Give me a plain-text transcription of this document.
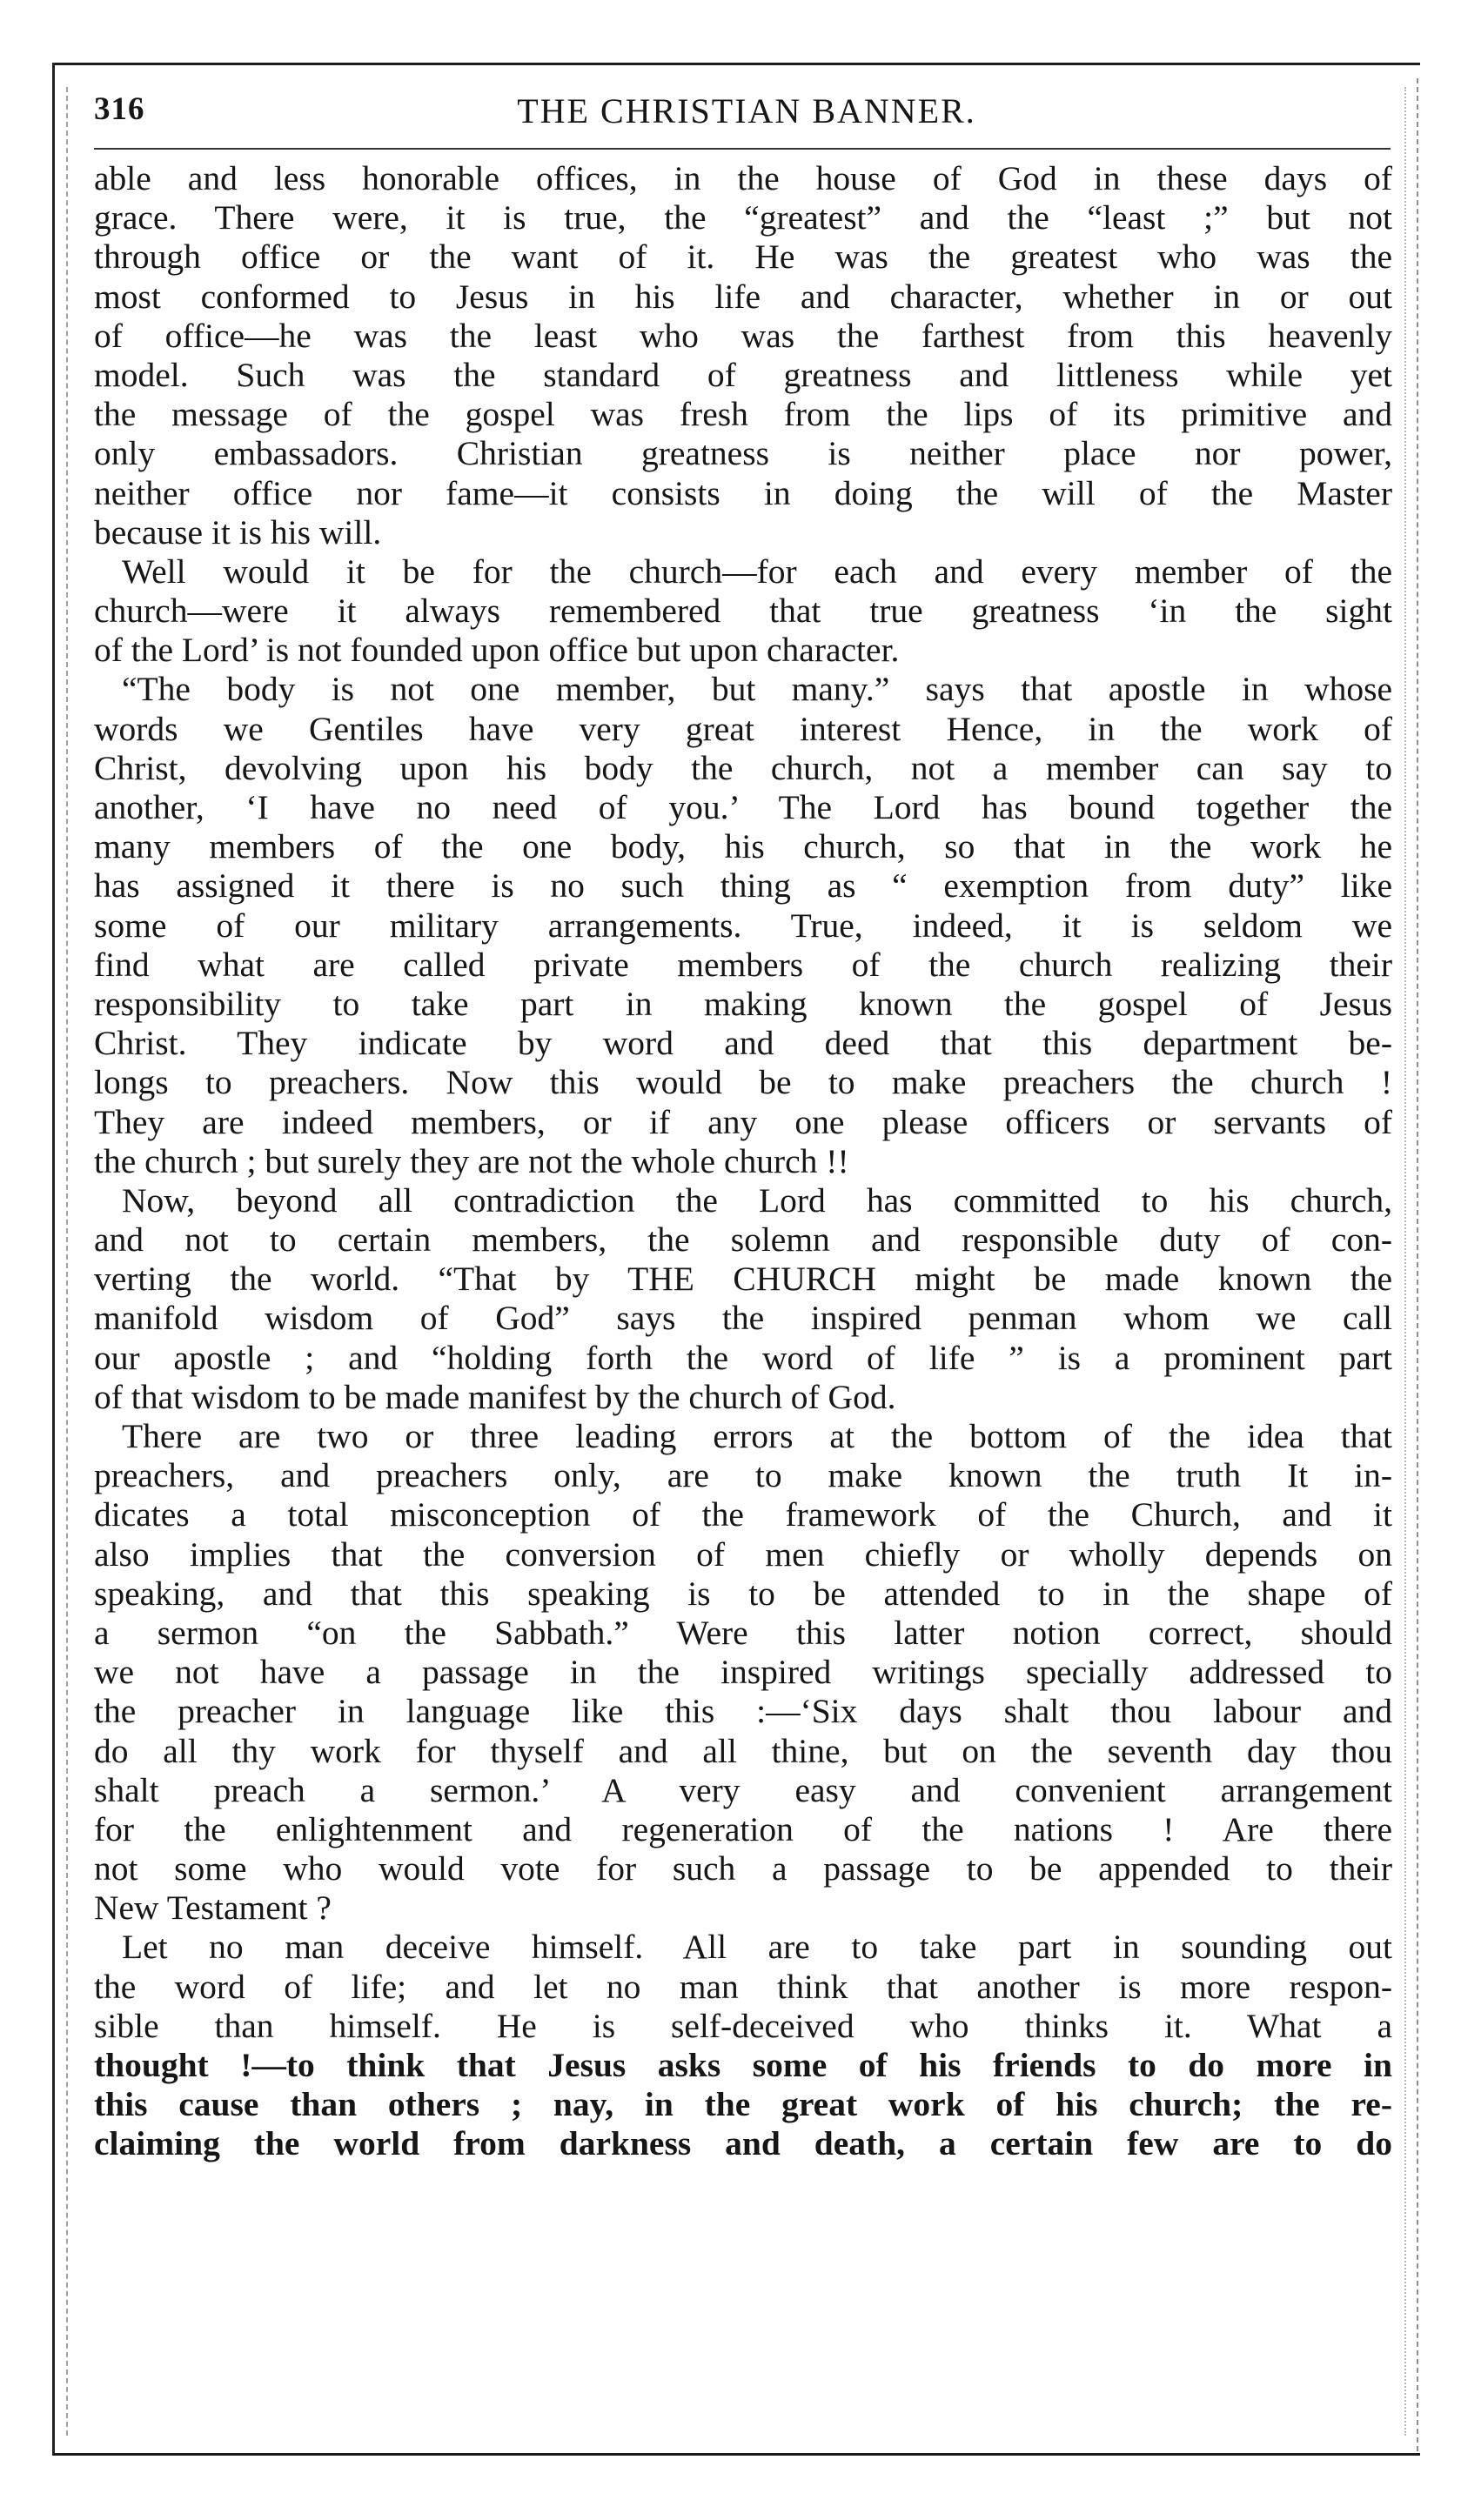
316	THE CHRISTIAN BANNER.
able and less honorable offices, in the house of God in these days of
grace. There were, it is true, the “greatest” and the “least ;” but not
through office or the want of it. He was the greatest who was the
most conformed to Jesus in his life and character, whether in or out
of office—he was the least who was the farthest from this heavenly
model. Such was the standard of greatness and littleness while yet
the message of the gospel was fresh from the lips of its primitive and
only embassadors. Christian greatness is neither place nor power,
neither office nor fame—it consists in doing the will of the Master
because it is his will.
Well would it be for the church—for each and every member of the
church—were it always remembered that true greatness ‘in the sight
of the Lord’ is not founded upon office but upon character.
“The body is not one member, but many.” says that apostle in whose
words we Gentiles have very great interest Hence, in the work of
Christ, devolving upon his body the church, not a member can say to
another, ‘I have no need of you.’ The Lord has bound together the
many members of the one body, his church, so that in the work he
has assigned it there is no such thing as “ exemption from duty” like
some of our military arrangements. True, indeed, it is seldom we
find what are called private members of the church realizing their
responsibility to take part in making known the gospel of Jesus
Christ. They indicate by word and deed that this department be-
longs to preachers. Now this would be to make preachers the church !
They are indeed members, or if any one please officers or servants of
the church ; but surely they are not the whole church !!
Now, beyond all contradiction the Lord has committed to his church,
and not to certain members, the solemn and responsible duty of con-
verting the world. “That by THE CHURCH might be made known the
manifold wisdom of God” says the inspired penman whom we call
our apostle ; and “holding forth the word of life ” is a prominent part
of that wisdom to be made manifest by the church of God.
There are two or three leading errors at the bottom of the idea that
preachers, and preachers only, are to make known the truth It in-
dicates a total misconception of the framework of the Church, and it
also implies that the conversion of men chiefly or wholly depends on
speaking, and that this speaking is to be attended to in the shape of
a sermon “on the Sabbath.” Were this latter notion correct, should
we not have a passage in the inspired writings specially addressed to
the preacher in language like this :—‘Six days shalt thou labour and
do all thy work for thyself and all thine, but on the seventh day thou
shalt preach a sermon.’ A very easy and convenient arrangement
for the enlightenment and regeneration of the nations ! Are there
not some who would vote for such a passage to be appended to their
New Testament ?
Let no man deceive himself. All are to take part in sounding out
the word of life; and let no man think that another is more respon-
sible than himself. He is self-deceived who thinks it. What a
thought !—to think that Jesus asks some of his friends to do more in
this cause than others ; nay, in the great work of his church; the re-
claiming the world from darkness and death, a certain few are to do
